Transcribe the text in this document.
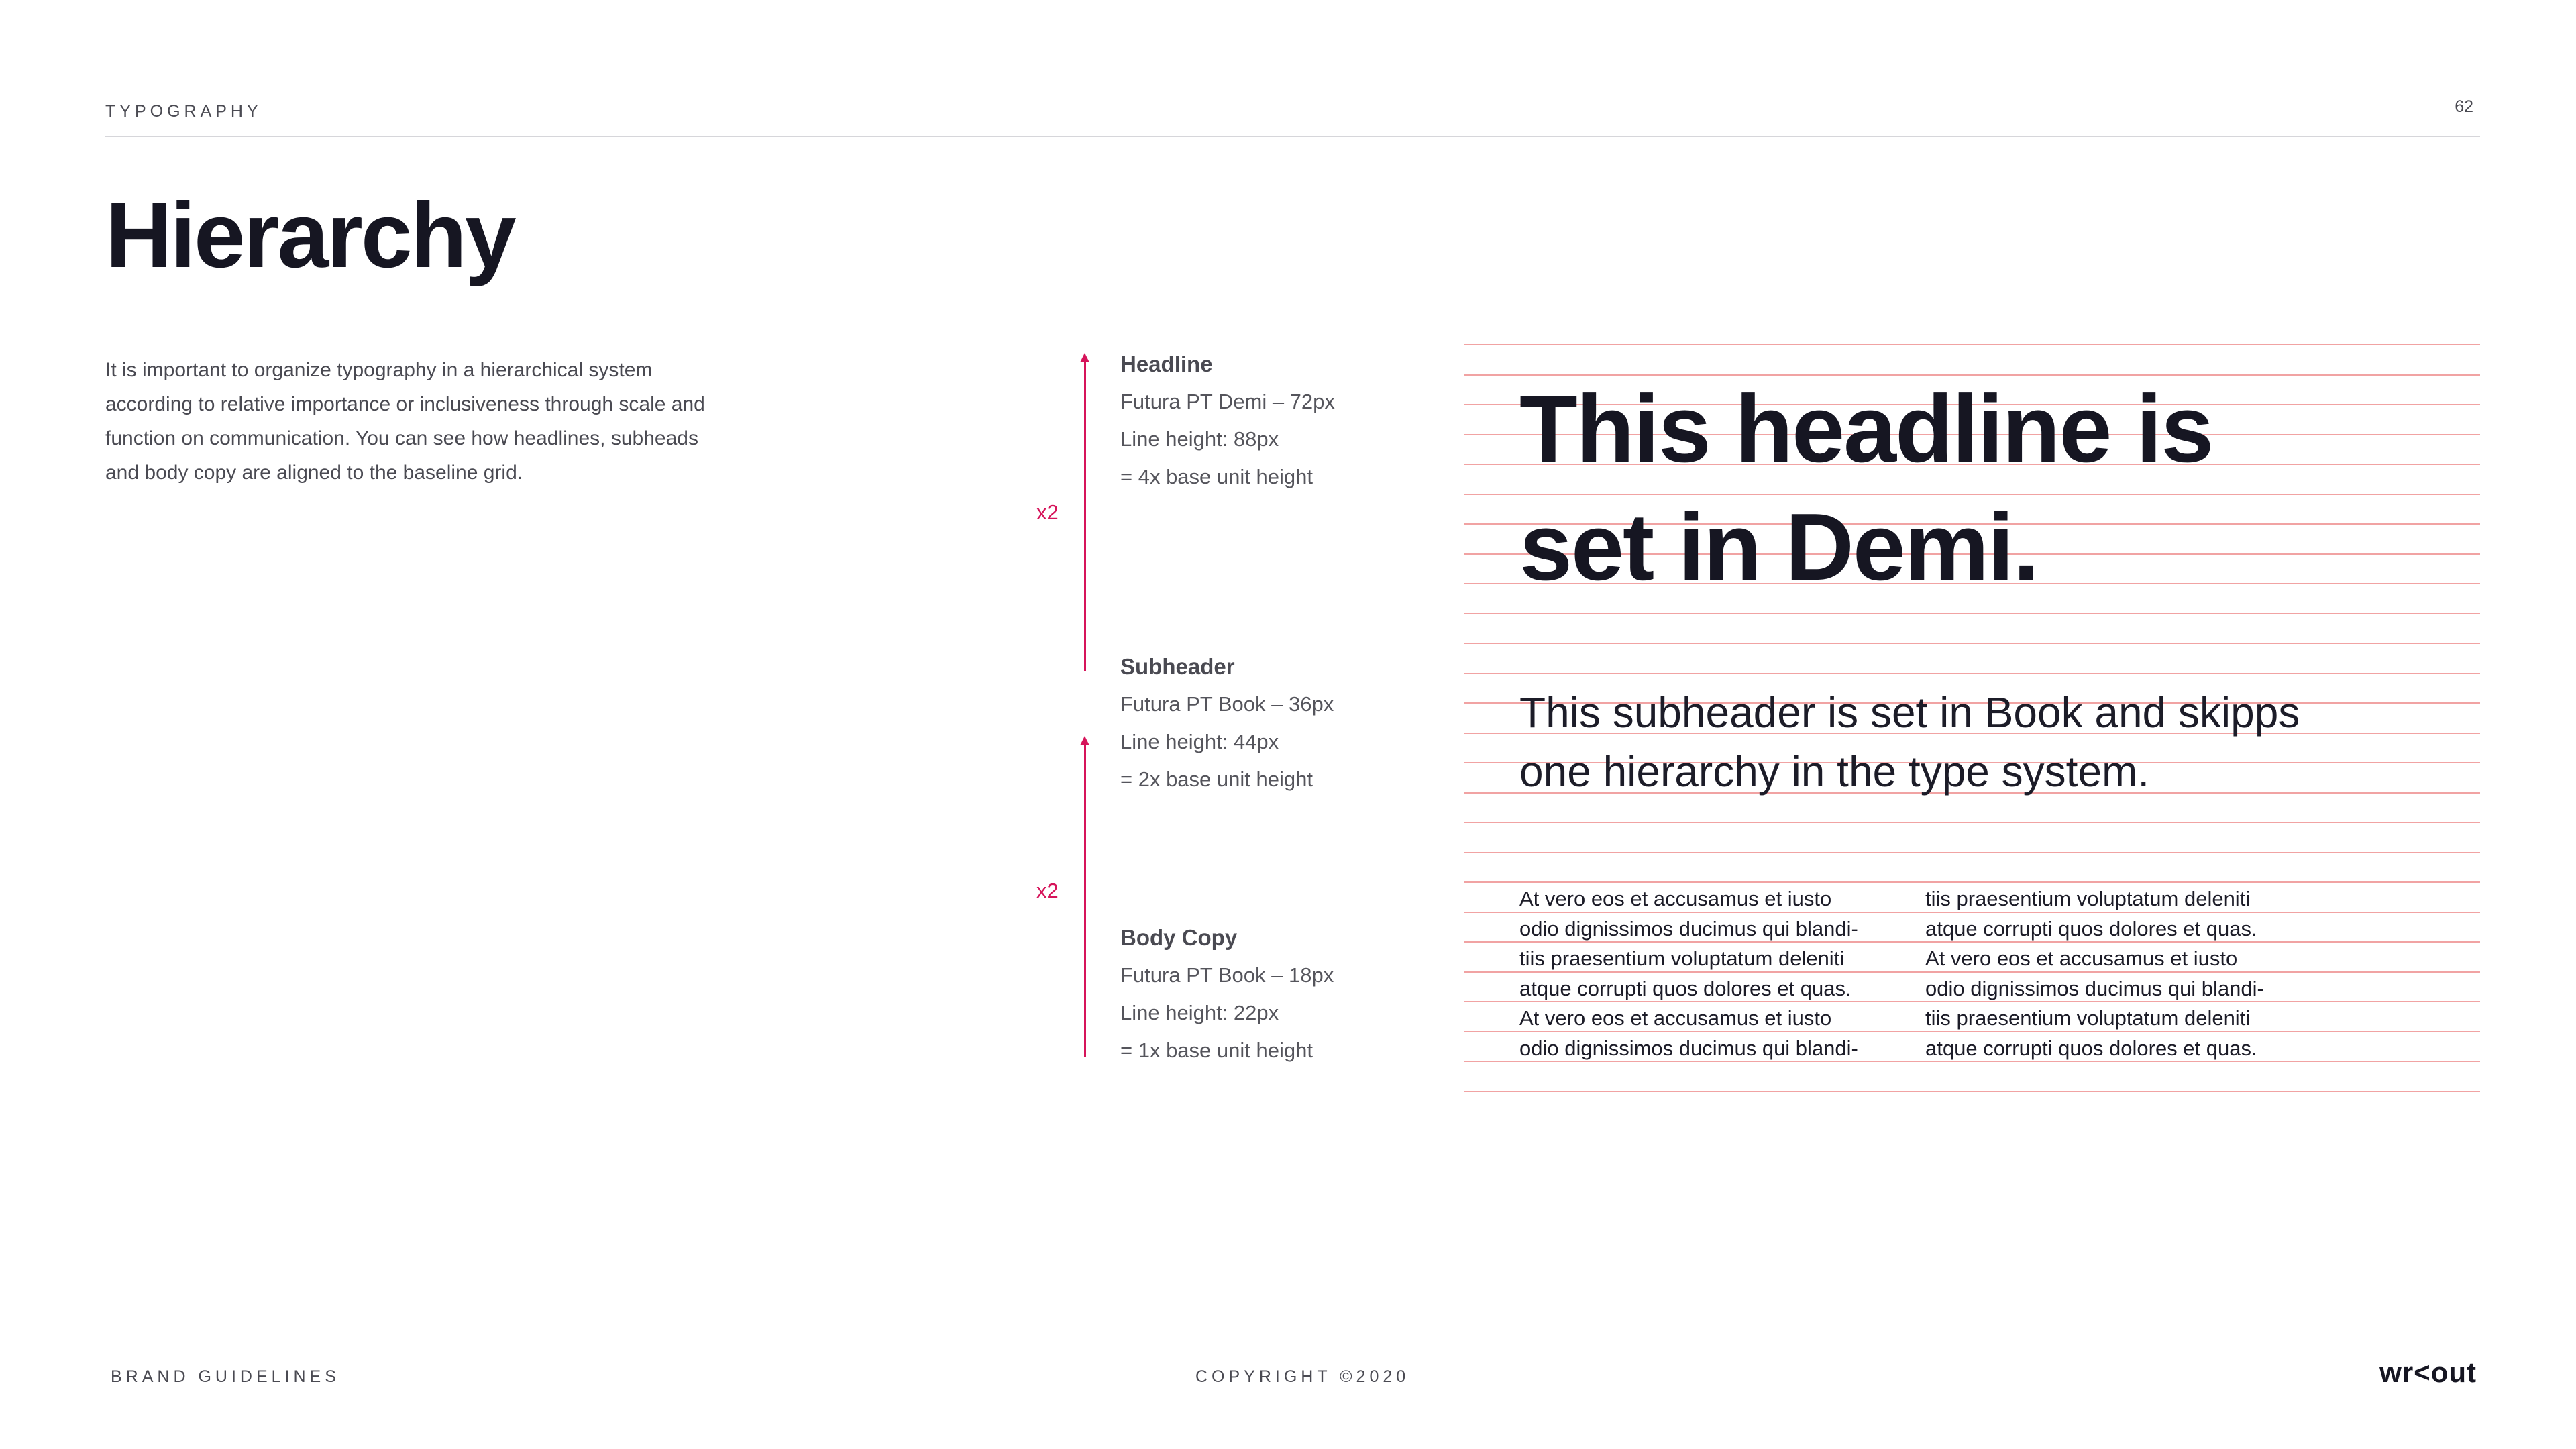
TYPOGRAPHY	62
Hierarchy
It is important to organize typography in a hierarchical system according to relative importance or inclusiveness through scale and function on communication. You can see how headlines, subheads and body copy are aligned to the baseline grid.
x2
x2
Headline
Futura PT Demi – 72px
Line height: 88px
= 4x base unit height
Subheader
Futura PT Book – 36px
Line height: 44px
= 2x base unit height
Body Copy
Futura PT Book – 18px
Line height: 22px
= 1x base unit height
This headline is
set in Demi.
This subheader is set in Book and skipps
one hierarchy in the type system.
At vero eos et accusamus et iusto
odio dignissimos ducimus qui blandi-
tiis praesentium voluptatum deleniti
atque corrupti quos dolores et quas.
At vero eos et accusamus et iusto
odio dignissimos ducimus qui blandi-
tiis praesentium voluptatum deleniti
atque corrupti quos dolores et quas.
At vero eos et accusamus et iusto
odio dignissimos ducimus qui blandi-
tiis praesentium voluptatum deleniti
atque corrupti quos dolores et quas.
BRAND GUIDELINES	COPYRIGHT ©2020	wr<out
